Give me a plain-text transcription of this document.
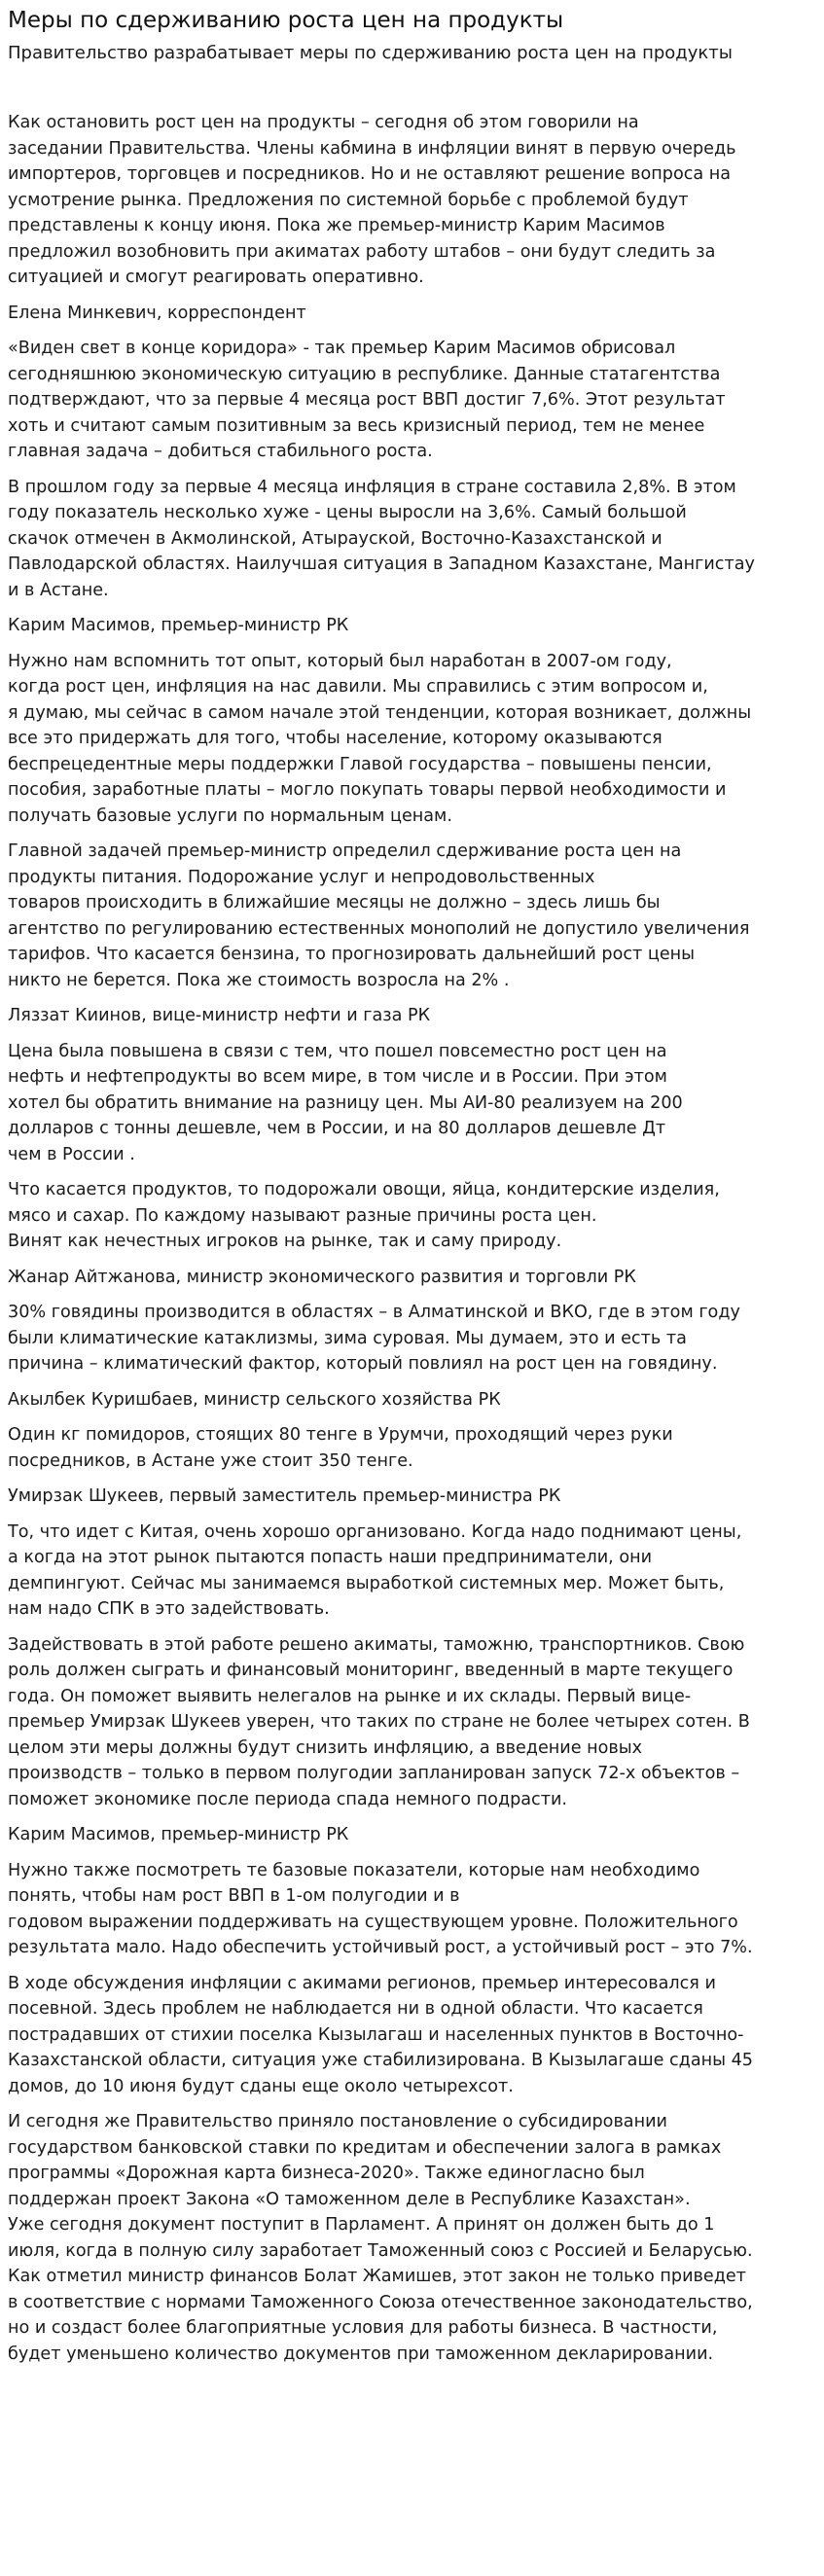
Меры по сдерживанию роста цен на продукты
Правительство разрабатывает меры по сдерживанию роста цен на продукты

Как остановить рост цен на продукты – сегодня об этом говорили на
заседании Правительства. Члены кабмина в инфляции винят в первую очередь
импортеров, торговцев и посредников. Но и не оставляют решение вопроса на
усмотрение рынка. Предложения по системной борьбе с проблемой будут
представлены к концу июня. Пока же премьер-министр Карим Масимов
предложил возобновить при акиматах работу штабов – они будут следить за
ситуацией и смогут реагировать оперативно.

Елена Минкевич, корреспондент

«Виден свет в конце коридора» - так премьер Карим Масимов обрисовал
сегодняшнюю экономическую ситуацию в республике. Данные статагентства
подтверждают, что за первые 4 месяца рост ВВП достиг 7,6%. Этот результат
хоть и считают самым позитивным за весь кризисный период, тем не менее
главная задача – добиться стабильного роста.

В прошлом году за первые 4 месяца инфляция в стране составила 2,8%. В этом
году показатель несколько хуже - цены выросли на 3,6%. Самый большой
скачок отмечен в Акмолинской, Атырауской, Восточно-Казахстанской и
Павлодарской областях. Наилучшая ситуация в Западном Казахстане, Мангистау
и в Астане.

Карим Масимов, премьер-министр РК

Нужно нам вспомнить тот опыт, который был наработан в 2007-ом году,
когда рост цен, инфляция на нас давили. Мы справились с этим вопросом и,
я думаю, мы сейчас в самом начале этой тенденции, которая возникает, должны
все это придержать для того, чтобы население, которому оказываются
беспрецедентные меры поддержки Главой государства – повышены пенсии,
пособия, заработные платы – могло покупать товары первой необходимости и
получать базовые услуги по нормальным ценам.

Главной задачей премьер-министр определил сдерживание роста цен на
продукты питания. Подорожание услуг и непродовольственных
товаров происходить в ближайшие месяцы не должно – здесь лишь бы
агентство по регулированию естественных монополий не допустило увеличения
тарифов. Что касается бензина, то прогнозировать дальнейший рост цены
никто не берется. Пока же стоимость возросла на 2% .

Ляззат Киинов, вице-министр нефти и газа РК

Цена была повышена в связи с тем, что пошел повсеместно рост цен на
нефть и нефтепродукты во всем мире, в том числе и в России. При этом
хотел бы обратить внимание на разницу цен. Мы АИ-80 реализуем на 200
долларов с тонны дешевле, чем в России, и на 80 долларов дешевле Дт
чем в России .

Что касается продуктов, то подорожали овощи, яйца, кондитерские изделия,
мясо и сахар. По каждому называют разные причины роста цен.
Винят как нечестных игроков на рынке, так и саму природу.

Жанар Айтжанова, министр экономического развития и торговли РК

30% говядины производится в областях – в Алматинской и ВКО, где в этом году
были климатические катаклизмы, зима суровая. Мы думаем, это и есть та
причина – климатический фактор, который повлиял на рост цен на говядину.

Акылбек Куришбаев, министр сельского хозяйства РК

Один кг помидоров, стоящих 80 тенге в Урумчи, проходящий через руки
посредников, в Астане уже стоит 350 тенге.

Умирзак Шукеев, первый заместитель премьер-министра РК

То, что идет с Китая, очень хорошо организовано. Когда надо поднимают цены,
а когда на этот рынок пытаются попасть наши предприниматели, они
демпингуют. Сейчас мы занимаемся выработкой системных мер. Может быть,
нам надо СПК в это задействовать.

Задействовать в этой работе решено акиматы, таможню, транспортников. Свою
роль должен сыграть и финансовый мониторинг, введенный в марте текущего
года. Он поможет выявить нелегалов на рынке и их склады. Первый вице-
премьер Умирзак Шукеев уверен, что таких по стране не более четырех сотен. В
целом эти меры должны будут снизить инфляцию, а введение новых
производств – только в первом полугодии запланирован запуск 72-х объектов –
поможет экономике после периода спада немного подрасти.

Карим Масимов, премьер-министр РК

Нужно также посмотреть те базовые показатели, которые нам необходимо
понять, чтобы нам рост ВВП в 1-ом полугодии и в
годовом выражении поддерживать на существующем уровне. Положительного
результата мало. Надо обеспечить устойчивый рост, а устойчивый рост – это 7%.

В ходе обсуждения инфляции с акимами регионов, премьер интересовался и
посевной. Здесь проблем не наблюдается ни в одной области. Что касается
пострадавших от стихии поселка Кызылагаш и населенных пунктов в Восточно-
Казахстанской области, ситуация уже стабилизирована. В Кызылагаше сданы 45
домов, до 10 июня будут сданы еще около четырехсот.

И сегодня же Правительство приняло постановление о субсидировании
государством банковской ставки по кредитам и обеспечении залога в рамках
программы «Дорожная карта бизнеса-2020». Также единогласно был
поддержан проект Закона «О таможенном деле в Республике Казахстан».
Уже сегодня документ поступит в Парламент. А принят он должен быть до 1
июля, когда в полную силу заработает Таможенный союз с Россией и Беларусью.
Как отметил министр финансов Болат Жамишев, этот закон не только приведет
в соответствие с нормами Таможенного Союза отечественное законодательство,
но и создаст более благоприятные условия для работы бизнеса. В частности,
будет уменьшено количество документов при таможенном декларировании.
